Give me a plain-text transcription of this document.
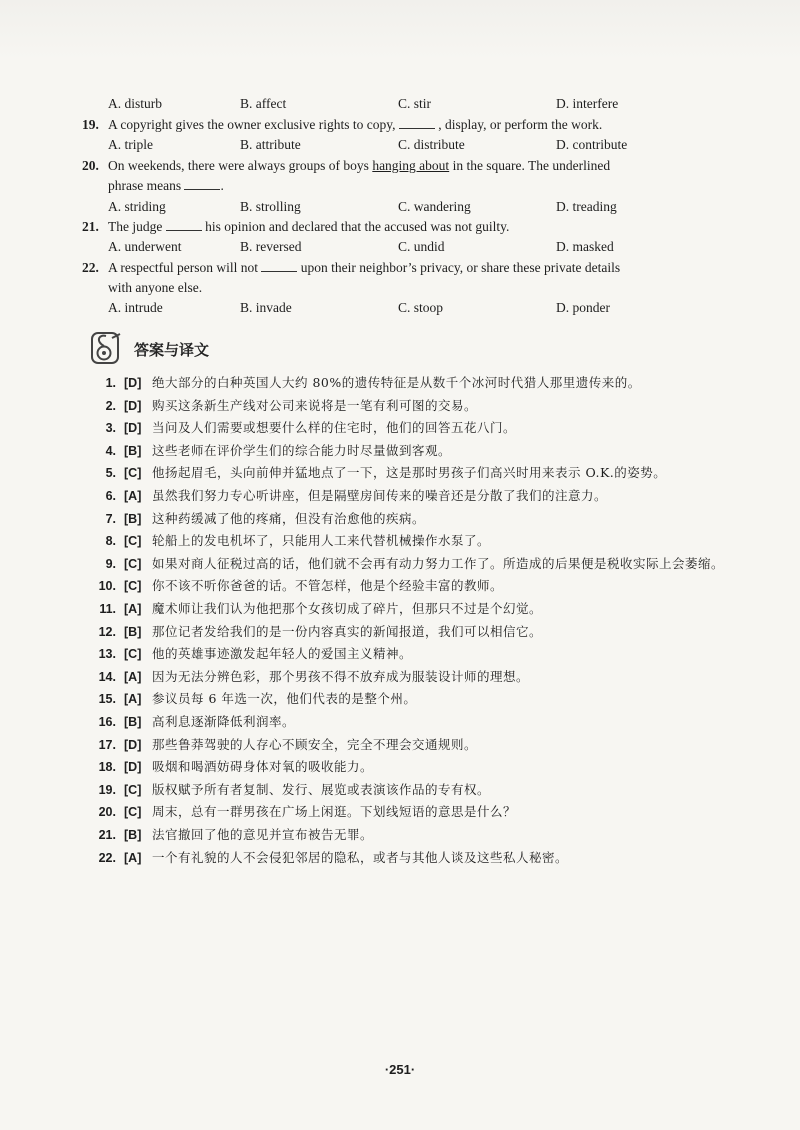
A. disturb	B. affect	C. stir	D. interfere
19. A copyright gives the owner exclusive rights to copy,	, display, or perform the work.
A. triple	B. attribute	C. distribute	D. contribute
20. On weekends, there were always groups of boys hanging about in the square. The underlined
phrase means	.
A. striding	B. strolling	C. wandering	D. treading
21. The judge	his opinion and declared that the accused was not guilty.
A. underwent	B. reversed	C. undid	D. masked
22. A respectful person will not	upon their neighbor’s privacy, or share these private details
with anyone else.
A. intrude	B. invade	C. stoop	D. ponder
答案与译文
1. [D] 绝大部分的白种英国人大约 80%的遗传特征是从数千个冰河时代猎人那里遗传来的。
2. [D] 购买这条新生产线对公司来说将是一笔有利可图的交易。
3. [D] 当问及人们需要或想要什么样的住宅时，他们的回答五花八门。
4. [B] 这些老师在评价学生们的综合能力时尽量做到客观。
5. [C] 他扬起眉毛，头向前伸并猛地点了一下，这是那时男孩子们高兴时用来表示 O.K.的姿势。
6. [A] 虽然我们努力专心听讲座，但是隔壁房间传来的噪音还是分散了我们的注意力。
7. [B] 这种药缓减了他的疼痛，但没有治愈他的疾病。
8. [C] 轮船上的发电机坏了，只能用人工来代替机械操作水泵了。
9. [C] 如果对商人征税过高的话，他们就不会再有动力努力工作了。所造成的后果便是税收实际上会萎缩。
10. [C] 你不该不听你爸爸的话。不管怎样，他是个经验丰富的教师。
11. [A] 魔术师让我们认为他把那个女孩切成了碎片，但那只不过是个幻觉。
12. [B] 那位记者发给我们的是一份内容真实的新闻报道，我们可以相信它。
13. [C] 他的英雄事迹激发起年轻人的爱国主义精神。
14. [A] 因为无法分辨色彩，那个男孩不得不放弃成为服装设计师的理想。
15. [A] 参议员每 6 年选一次，他们代表的是整个州。
16. [B] 高利息逐渐降低利润率。
17. [D] 那些鲁莽驾驶的人存心不顾安全，完全不理会交通规则。
18. [D] 吸烟和喝酒妨碍身体对氧的吸收能力。
19. [C] 版权赋予所有者复制、发行、展览或表演该作品的专有权。
20. [C] 周末，总有一群男孩在广场上闲逛。下划线短语的意思是什么？
21. [B] 法官撤回了他的意见并宣布被告无罪。
22. [A] 一个有礼貌的人不会侵犯邻居的隐私，或者与其他人谈及这些私人秘密。
·251·
